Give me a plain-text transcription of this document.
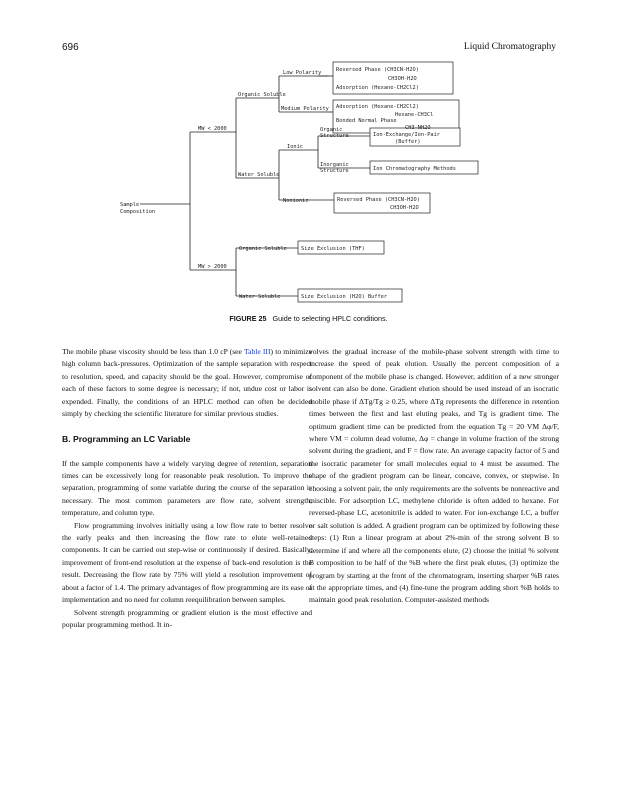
696	Liquid Chromatography
Sample
Composition
MW < 2000
MW > 2000
Organic Soluble
Water Soluble
Low Polarity
Medium Polarity
Ionic
Organic
Structure
Inorganic
Structure
Nonionic
Organic Soluble
Water Soluble
Reversed Phase (CH3CN-H2O)
CH3OH-H2O
Adsorption (Hexane-CH2Cl2)
Adsorption (Hexane-CH2Cl2)
Hexane-CH3Cl
Bonded Normal Phase
CH3-NH2O
Ion-Exchange/Ion-Pair
(Buffer)
Ion Chromatography Methods
Reversed Phase (CH3CN-H2O)
CH3OH-H2O
Size Exclusion (THF)
Size Exclusion (H2O) Buffer
FIGURE 25 Guide to selecting HPLC conditions.

The mobile phase viscosity should be less than 1.0 cP (see Table III) to minimize high column back-pressures. Optimization of the sample separation with respect to resolution, speed, and capacity should be the goal. However, compromise of each of these factors to some degree is necessary; if not, undue cost or labor is expended. Finally, the conditions of an HPLC method can often be decided simply by checking the scientific literature for similar previous studies.

B. Programming an LC Variable

If the sample components have a widely varying degree of retention, separation times can be excessively long for reasonable peak resolution. To improve the separation, programming of some variable during the course of the separation is necessary. The most common parameters are flow rate, solvent strength, temperature, and column type.

Flow programming involves initially using a low flow rate to better resolve the early peaks and then increasing the flow rate to elute well-retained components. It can be carried out step-wise or continuously if desired. Basically, improvement of front-end resolution at the expense of back-end resolution is the result. Decreasing the flow rate by 75% will yield a resolution improvement of about a factor of 1.4. The primary advantages of flow programming are its ease of implementation and no need for column reequilibration between samples.

Solvent strength programming or gradient elution is the most effective and popular programming method. It in-

volves the gradual increase of the mobile-phase solvent strength with time to increase the speed of peak elution. Usually the percent composition of a component of the mobile phase is changed. However, addition of a new stronger solvent can also be done. Gradient elution should be used instead of an isocratic mobile phase if ΔTg/Tg ≥ 0.25, where ΔTg represents the difference in retention times between the first and last eluting peaks, and Tg is gradient time. The optimum gradient time can be predicted from the equation Tg = 20 VM Δφ/F, where VM = column dead volume, Δφ = change in volume fraction of the strong solvent during the gradient, and F = flow rate. An average capacity factor of 5 and the isocratic parameter for small molecules equal to 4 must be assumed. The shape of the gradient program can be linear, concave, convex, or stepwise. In choosing a solvent pair, the only requirements are the solvents be nonreactive and miscible. For adsorption LC, methylene chloride is often added to hexane. For reversed-phase LC, acetonitrile is added to water. For ion-exchange LC, a buffer or salt solution is added. A gradient program can be optimized by following these steps: (1) Run a linear program at about 2%-min of the strong solvent B to determine if and where all the components elute, (2) choose the initial % solvent B composition to be half of the %B where the first peak elutes, (3) optimize the program by starting at the front of the chromatogram, inserting sharper %B rates at the appropriate times, and (4) fine-tune the program adding short %B holds to maintain good peak resolution. Computer-assisted methods
